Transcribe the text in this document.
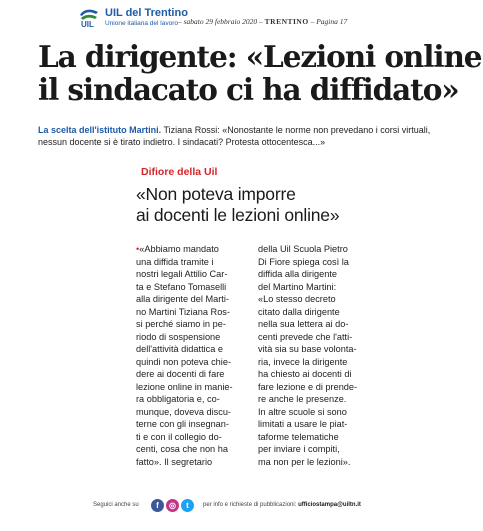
UIL
UIL del Trentino
Unione italiana del lavoro – sabato 29 febbraio 2020 – TRENTINO – Pagina 17
La dirigente: «Lezioni online
il sindacato ci ha diffidato»

La scelta dell'istituto Martini. Tiziana Rossi: «Nonostante le norme non prevedano i corsi virtuali, nessun docente si è tirato indietro. I sindacati? Protesta ottocentesca...»

Difiore della Uil
«Non poteva imporre
ai docenti le lezioni online»
•«Abbiamo mandato
una diffida tramite i
nostri legali Attilio Car-
ta e Stefano Tomaselli
alla dirigente del Marti-
no Martini Tiziana Ros-
si perché siamo in pe-
riodo di sospensione
dell'attività didattica e
quindi non poteva chie-
dere ai docenti di fare
lezione online in manie-
ra obbligatoria e, co-
munque, doveva discu-
terne con gli insegnan-
ti e con il collegio do-
centi, cosa che non ha
fatto». Il segretario
della Uil Scuola Pietro
Di Fiore spiega così la
diffida alla dirigente
del Martino Martini:
«Lo stesso decreto
citato dalla dirigente
nella sua lettera ai do-
centi prevede che l'atti-
vità sia su base volonta-
ria, invece la dirigente
ha chiesto ai docenti di
fare lezione e di prende-
re anche le presenze.
In altre scuole si sono
limitati a usare le piat-
taforme telematiche
per inviare i compiti,
ma non per le lezioni».
Seguici anche su	f	◎	t	per info e richieste di pubblicazioni: ufficiostampa@uiltn.it
